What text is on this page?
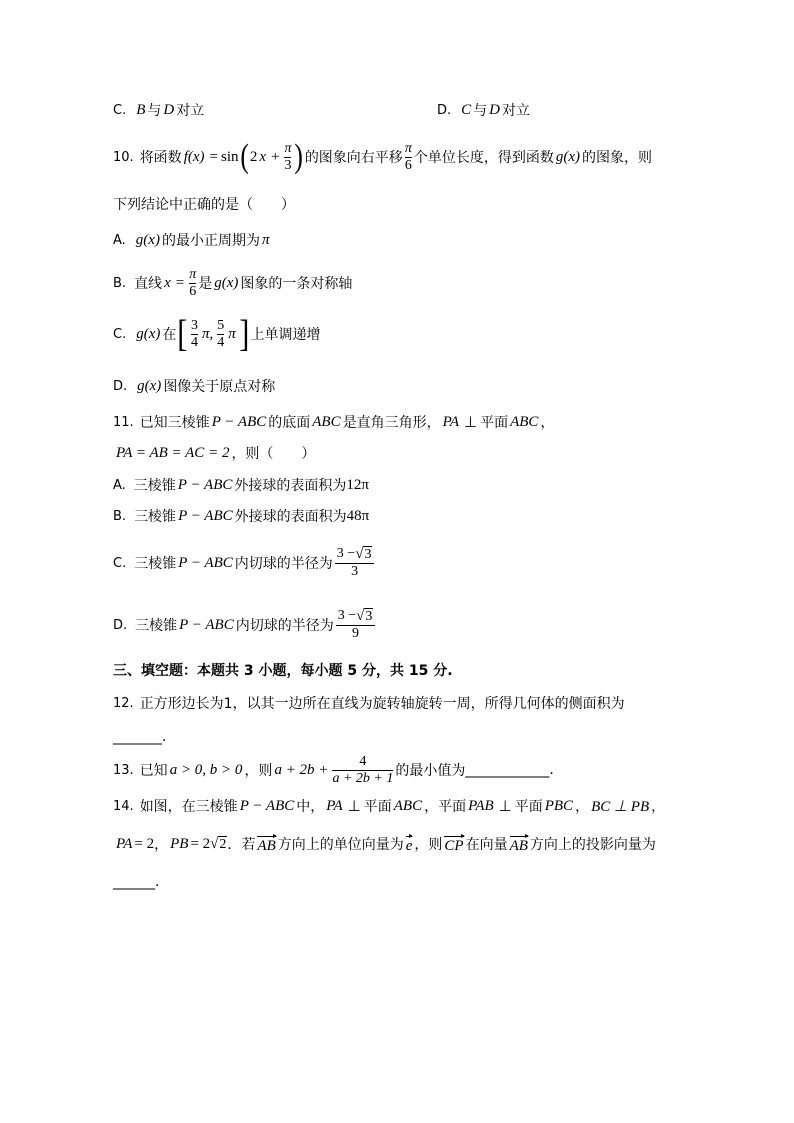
C. B 与 D 对立	D. C 与 D 对立
10. 将函数 f(x) = sin ( 2 $x + \frac{\pi}{3}$ ) 的图象向右平移 $\frac{\pi}{6}$ 个单位长度，得到函数 g(x) 的图象，则
下列结论中正确的是（　　）
A. g(x) 的最小正周期为 π
B. 直线 $x = \frac{\pi}{6}$ 是 g(x) 图象的一条对称轴
C. g(x) 在 [ $\frac{3}{4} \pi$, $\frac{5}{4}$ π ] 上单调递增
D. g(x) 图像关于原点对称
11. 已知三棱锥 P − ABC 的底面 ABC 是直角三角形， PA ⊥ 平面 ABC ，
PA = AB = AC = 2 ，则（　　）
A. 三棱锥 P − ABC 外接球的表面积为 12π
B. 三棱锥 P − ABC 外接球的表面积为 48π
C. 三棱锥 P − ABC 内切球的半径为 $\frac{3 - √ 3}{3}$
D. 三棱锥 P − ABC 内切球的半径为 $\frac{3 - √ 3}{9}$
三、填空题：本题共 3 小题，每小题 5 分，共 15 分.
12. 正方形边长为1，以其一边所在直线为旋转轴旋转一周，所得几何体的侧面积为
_______ .
13. 已知 a > 0, b > 0 ，则 $a + 2b + \frac{4}{a + 2b + 1}$ 的最小值为 ____________ .
14. 如图，在三棱锥 P − ABC 中， PA ⊥ 平面 ABC ，平面 PAB ⊥ 平面 PBC ， BC ⊥ PB ，
PA = 2 ， PB = 2 √ 2 ．若 AB 方向上的单位向量为 e ，则 CP 在向量 AB 方向上的投影向量为
______ .
